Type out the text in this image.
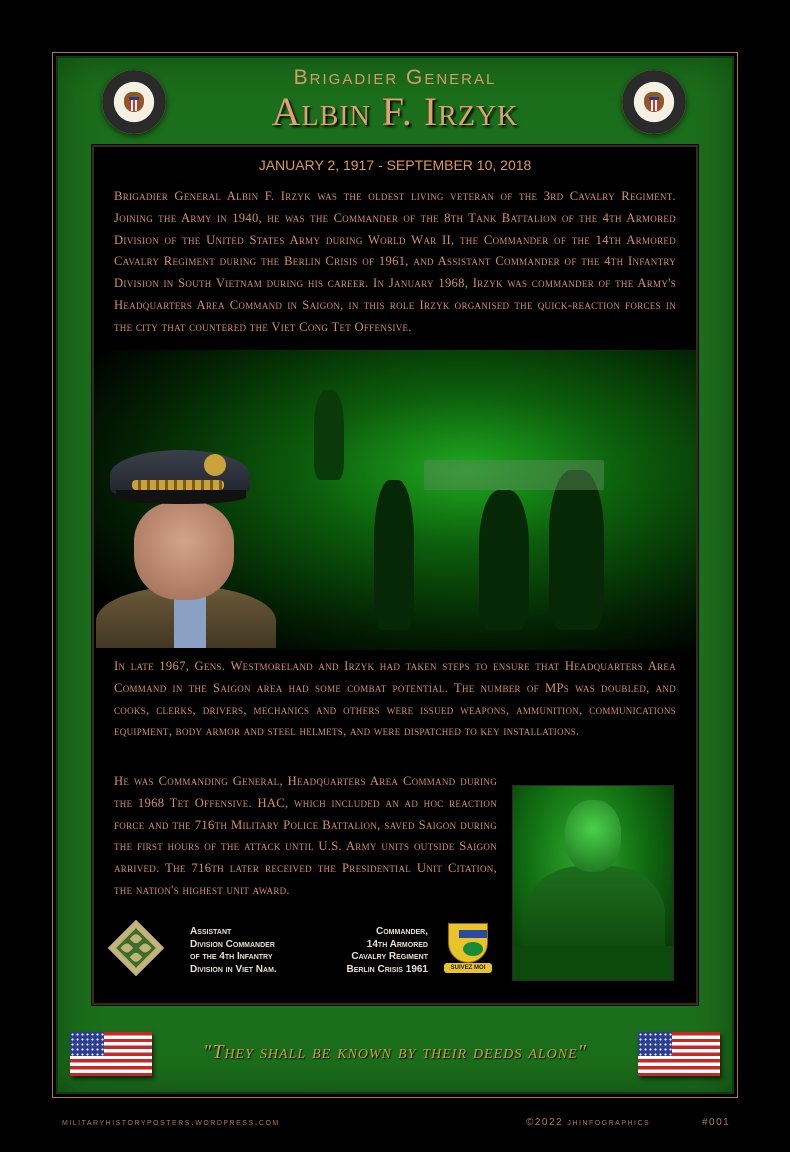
Brigadier General
Albin F. Irzyk
JANUARY 2, 1917 - SEPTEMBER 10, 2018
Brigadier General Albin F. Irzyk was the oldest living veteran of the 3rd Cavalry Regiment. Joining the Army in 1940, he was the Commander of the 8th Tank Battalion of the 4th Armored Division of the United States Army during World War II, the Commander of the 14th Armored Cavalry Regiment during the Berlin Crisis of 1961, and Assistant Commander of the 4th Infantry Division in South Vietnam during his career. In January 1968, Irzyk was commander of the Army's Headquarters Area Command in Saigon, in this role Irzyk organised the quick-reaction forces in the city that countered the Viet Cong Tet Offensive.
In late 1967, Gens. Westmoreland and Irzyk had taken steps to ensure that Headquarters Area Command in the Saigon area had some combat potential. The number of MPs was doubled, and cooks, clerks, drivers, mechanics and others were issued weapons, ammunition, communications equipment, body armor and steel helmets, and were dispatched to key installations.
He was Commanding General, Headquarters Area Command during the 1968 Tet Offensive. HAC, which included an ad hoc reaction force and the 716th Military Police Battalion, saved Saigon during the first hours of the attack until U.S. Army units outside Saigon arrived. The 716th later received the Presidential Unit Citation, the nation's highest unit award.
Assistant
Division Commander
of the 4th Infantry
Division in Viet Nam.
Commander,
14th Armored
Cavalry Regiment
Berlin Crisis 1961	SUIVEZ MOI
"They shall be known by their deeds alone"
militaryhistoryposters.wordpress.com	©2022 jhinfographics	#001
